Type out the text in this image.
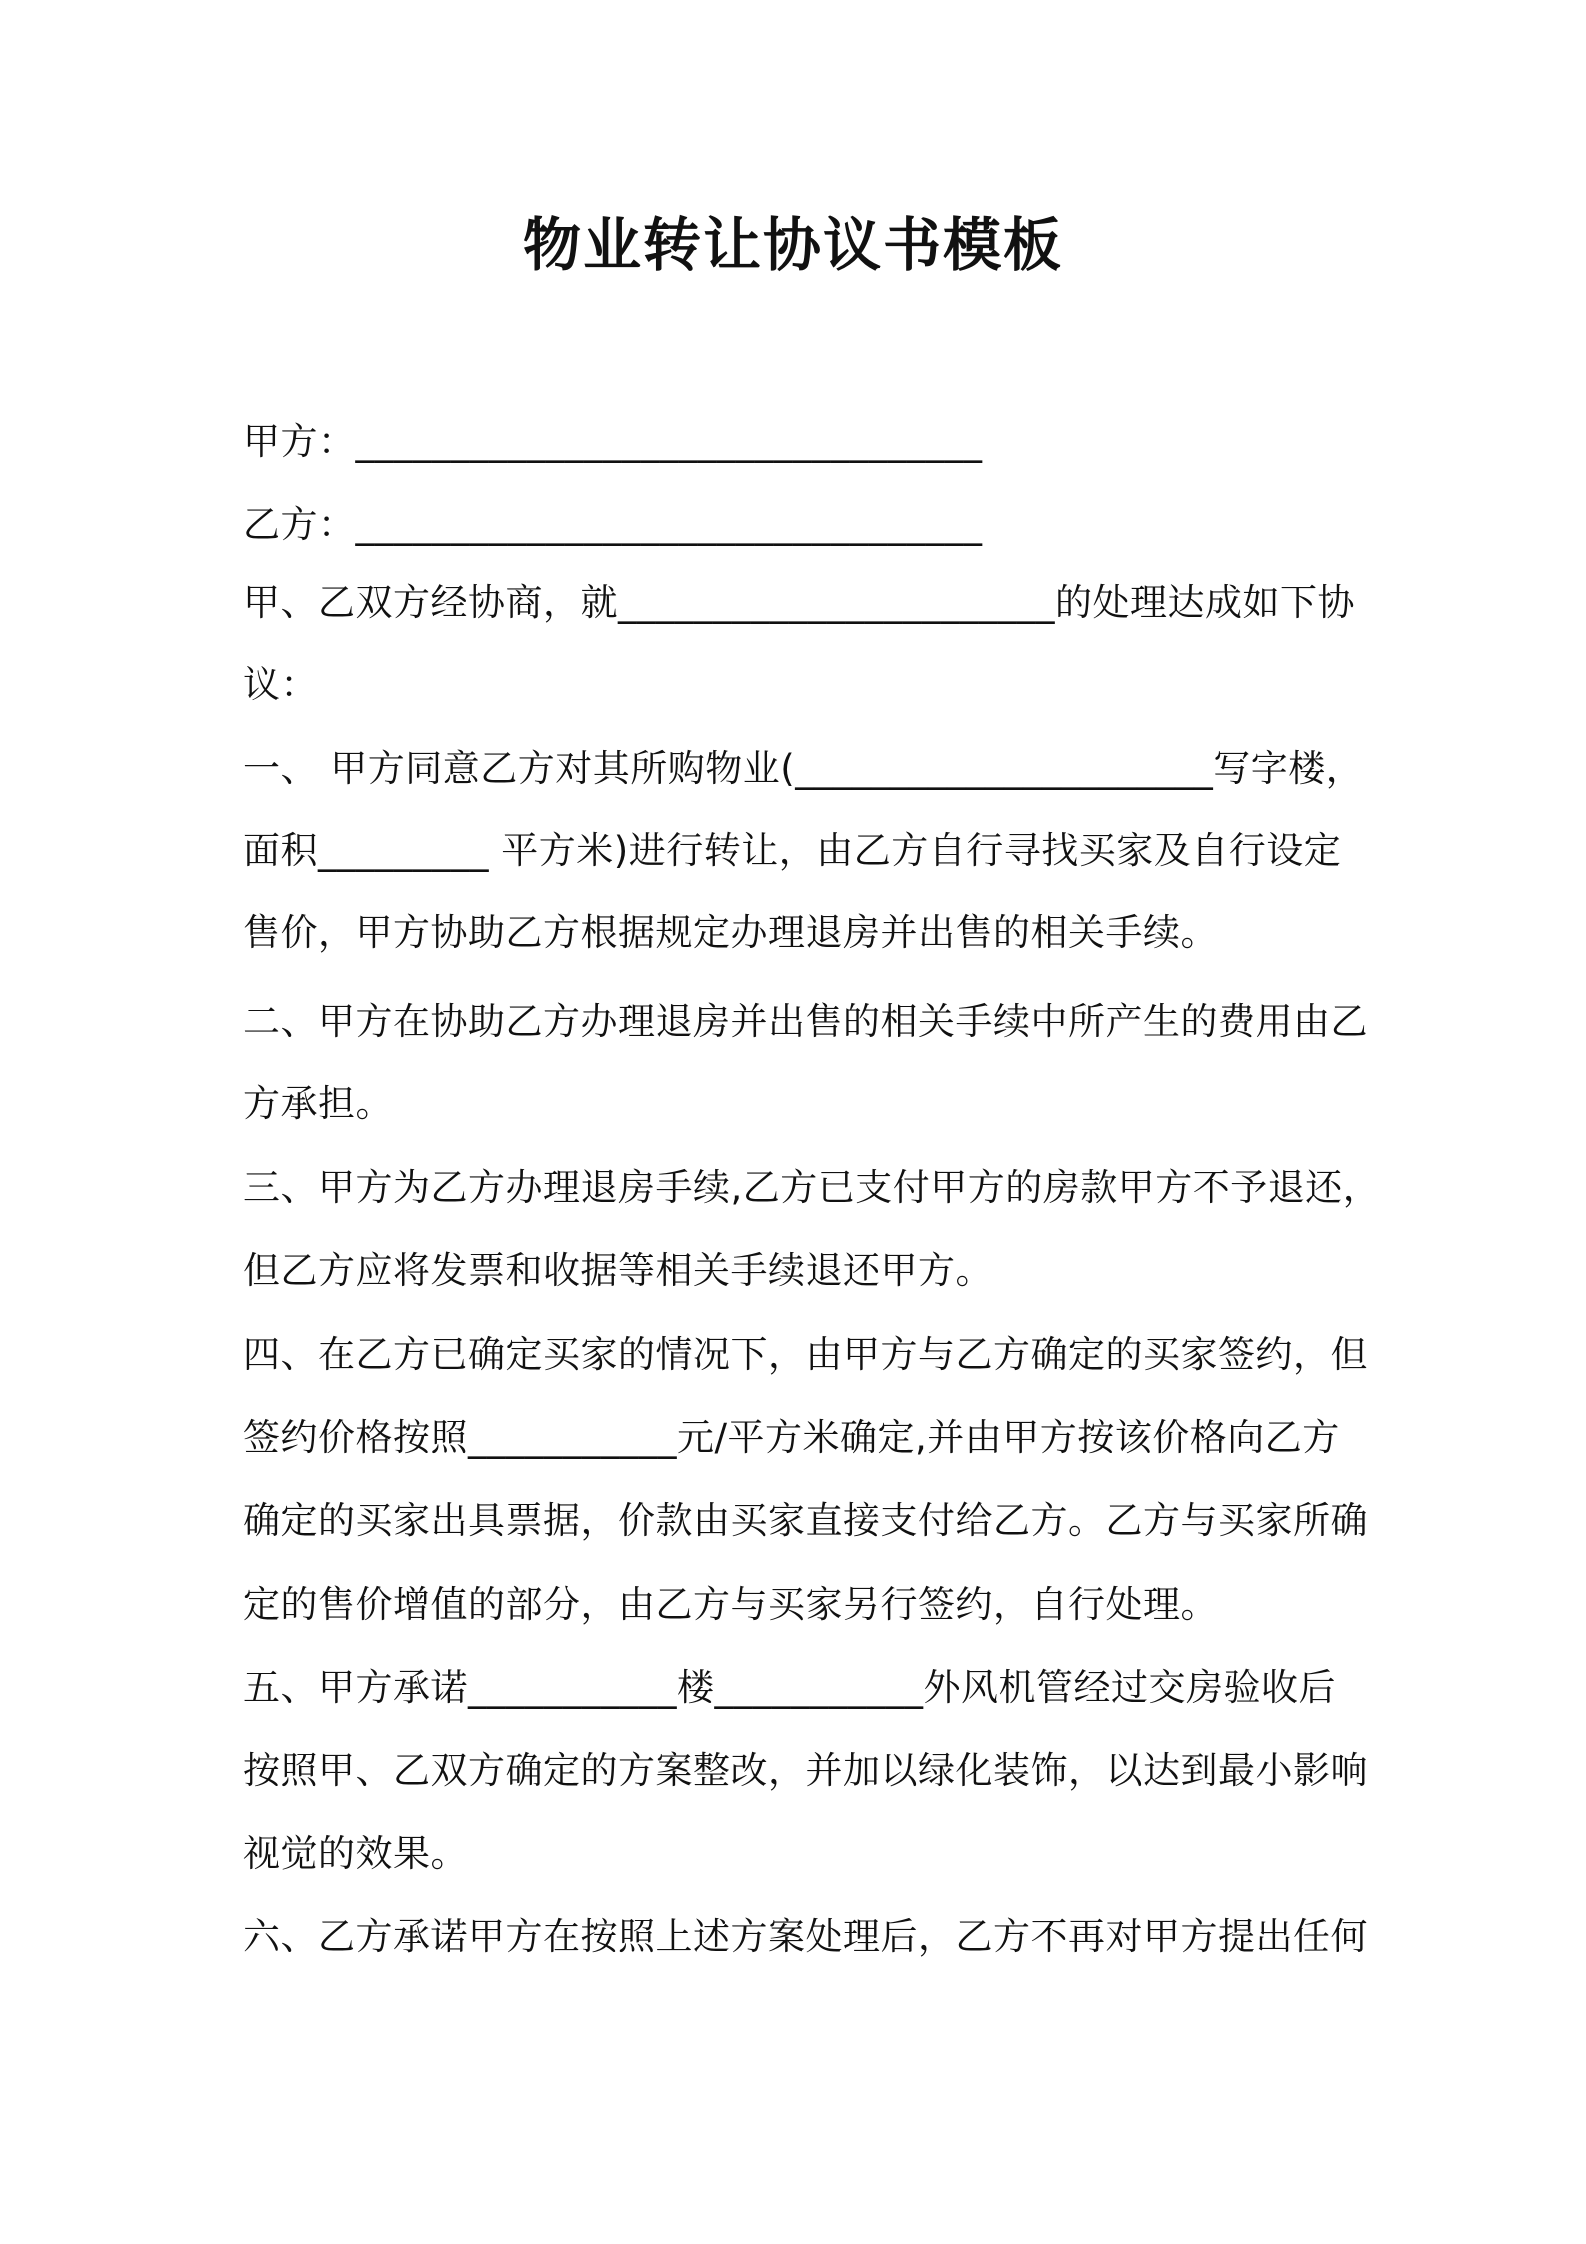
物业转让协议书模板
甲方：_________________________________
乙方：_________________________________
甲、乙双方经协商，就_______________________的处理达成如下协
议：
一、 甲方同意乙方对其所购物业(______________________写字楼，
面积_________ 平方米)进行转让，由乙方自行寻找买家及自行设定
售价，甲方协助乙方根据规定办理退房并出售的相关手续。
二、甲方在协助乙方办理退房并出售的相关手续中所产生的费用由乙
方承担。
三、甲方为乙方办理退房手续,乙方已支付甲方的房款甲方不予退还，
但乙方应将发票和收据等相关手续退还甲方。
四、在乙方已确定买家的情况下，由甲方与乙方确定的买家签约，但
签约价格按照___________元/平方米确定,并由甲方按该价格向乙方
确定的买家出具票据，价款由买家直接支付给乙方。乙方与买家所确
定的售价增值的部分，由乙方与买家另行签约，自行处理。
五、甲方承诺___________楼___________外风机管经过交房验收后
按照甲、乙双方确定的方案整改，并加以绿化装饰，以达到最小影响
视觉的效果。
六、乙方承诺甲方在按照上述方案处理后，乙方不再对甲方提出任何
